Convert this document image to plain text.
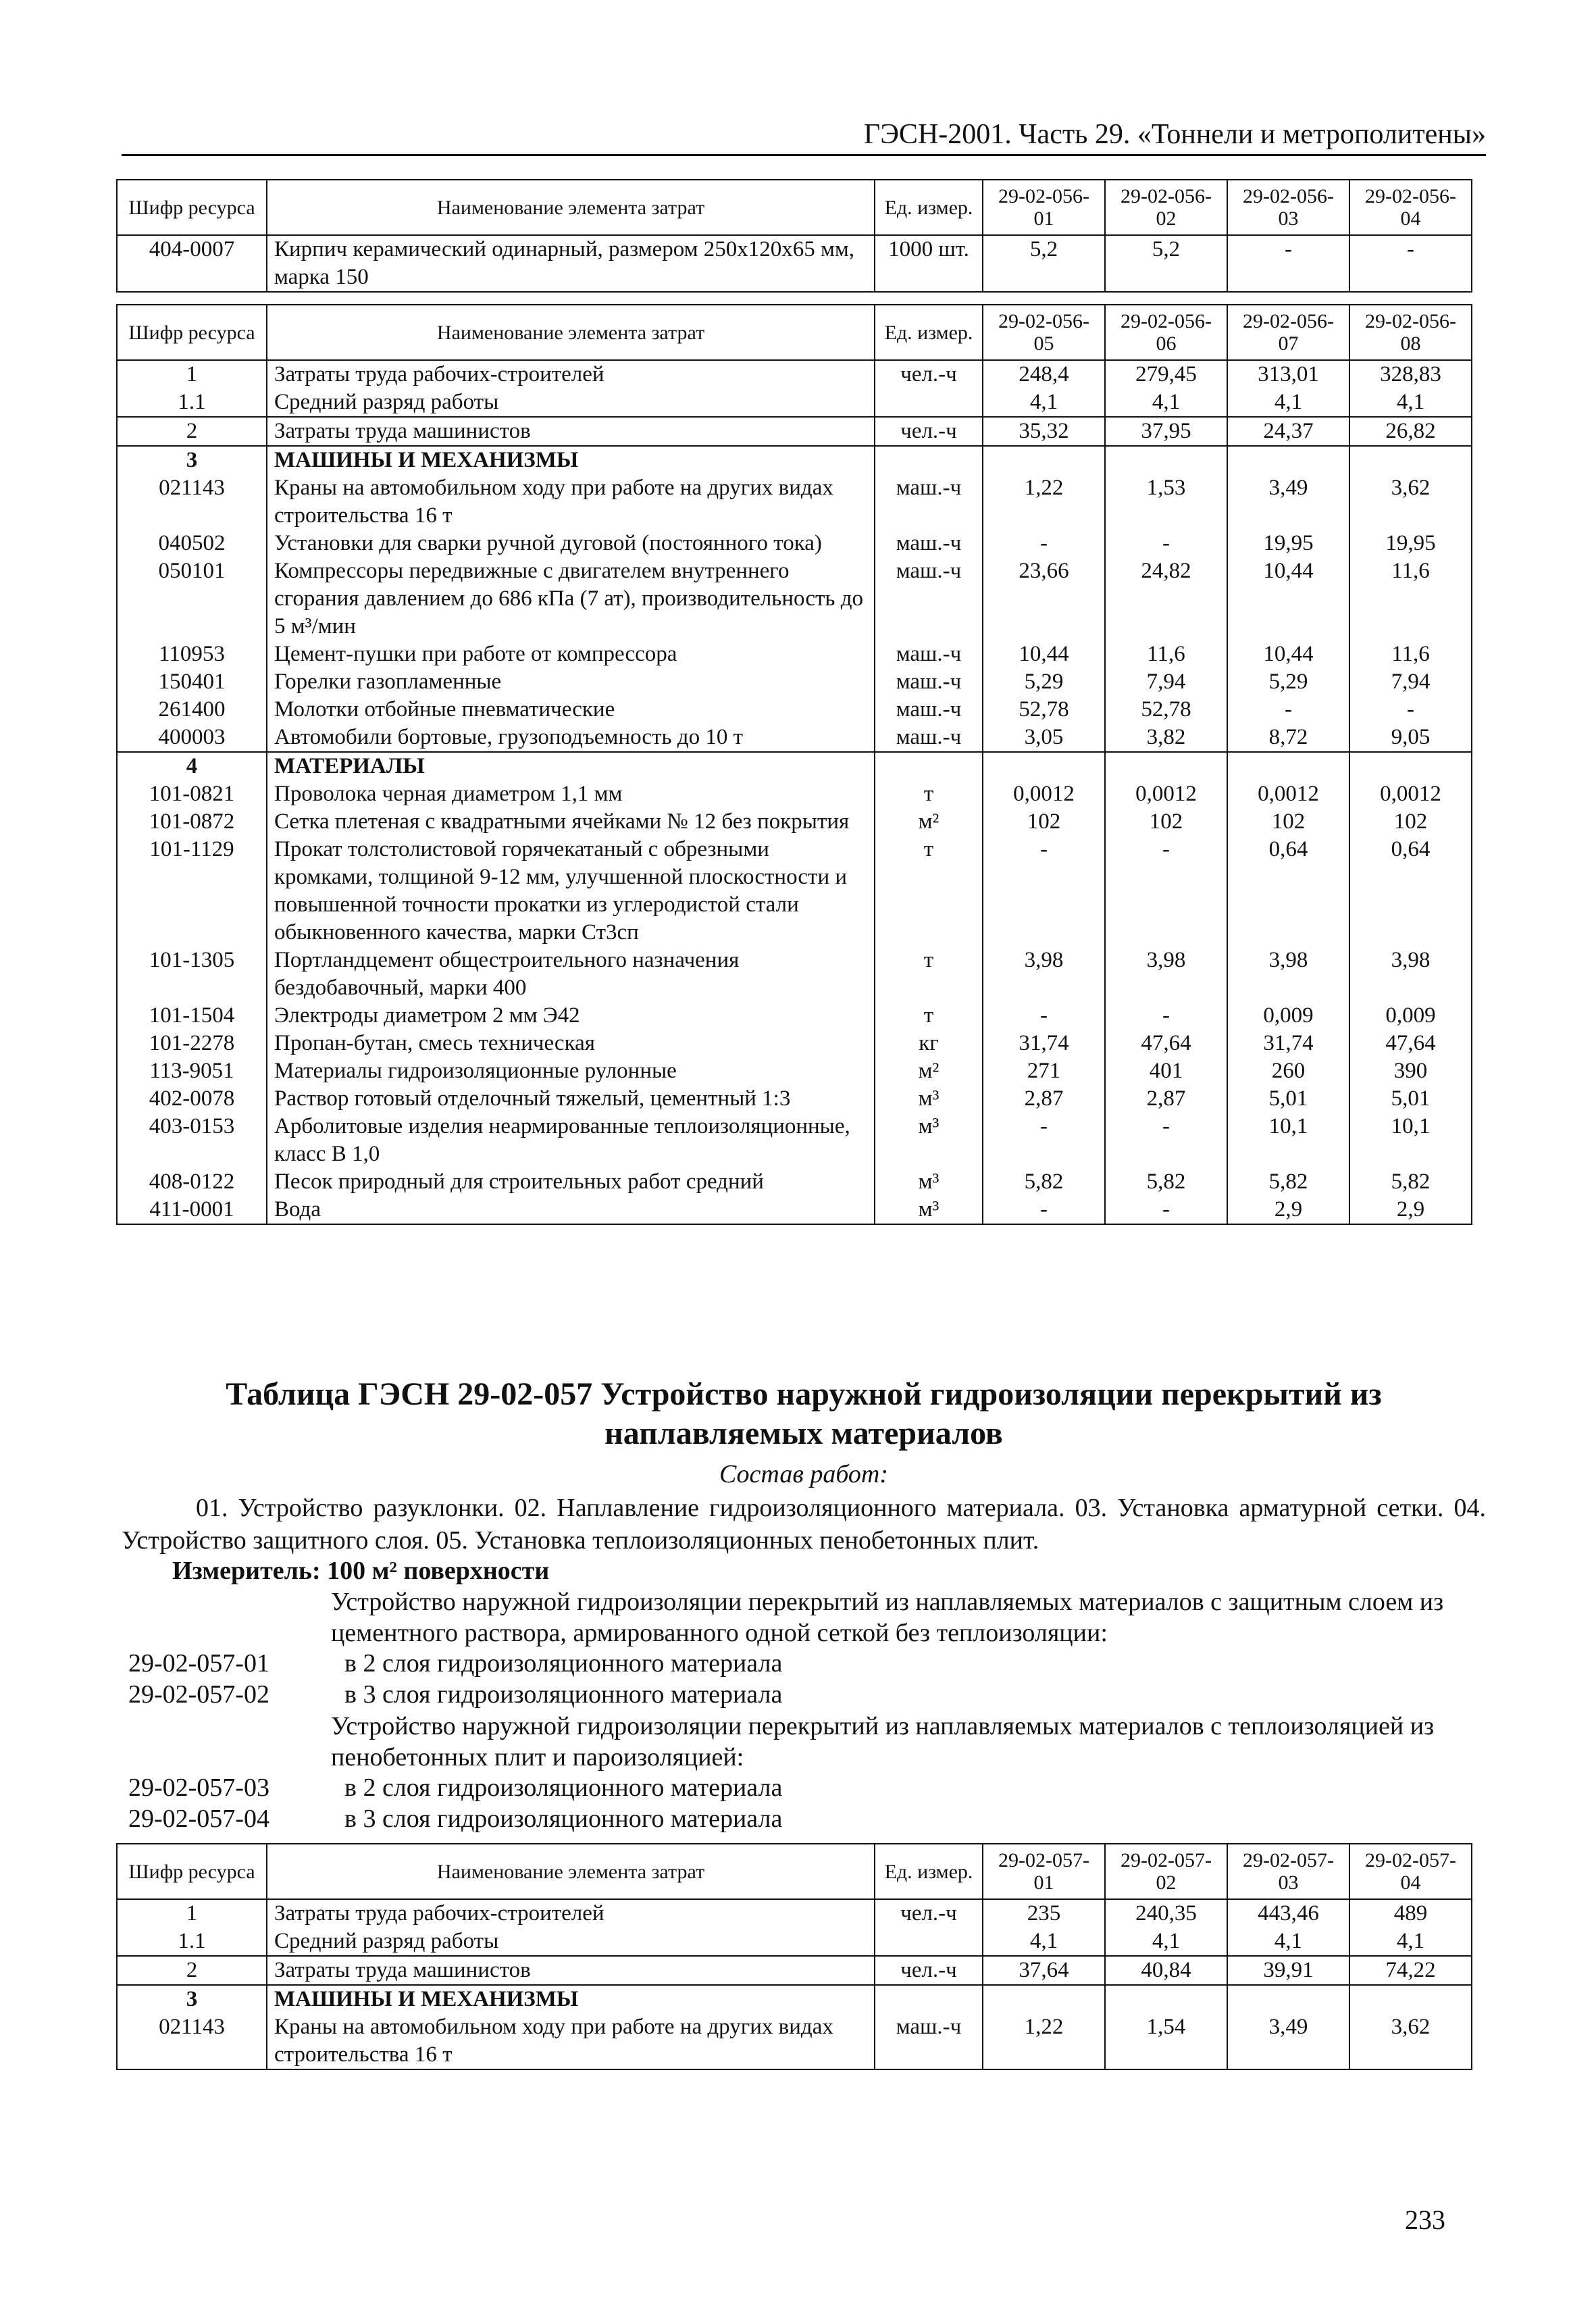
ГЭСН-2001. Часть 29. «Тоннели и метрополитены»
Шифр ресурса	Наименование элемента затрат	Ед. измер.	29-02-056-01	29-02-056-02	29-02-056-03	29-02-056-04
404-0007	Кирпич керамический одинарный, размером 250x120x65 мм, марка 150	1000 шт.	5,2	5,2	-	-
Шифр ресурса	Наименование элемента затрат	Ед. измер.	29-02-056-05	29-02-056-06	29-02-056-07	29-02-056-08
1	Затраты труда рабочих-строителей	чел.-ч	248,4	279,45	313,01	328,83
1.1	Средний разряд работы		4,1	4,1	4,1	4,1
2	Затраты труда машинистов	чел.-ч	35,32	37,95	24,37	26,82
3	МАШИНЫ И МЕХАНИЗМЫ					
021143	Краны на автомобильном ходу при работе на других видах строительства 16 т	маш.-ч	1,22	1,53	3,49	3,62
040502	Установки для сварки ручной дуговой (постоянного тока)	маш.-ч	-	-	19,95	19,95
050101	Компрессоры передвижные с двигателем внутреннего сгорания давлением до 686 кПа (7 ат), производительность до 5 м³/мин	маш.-ч	23,66	24,82	10,44	11,6
110953	Цемент-пушки при работе от компрессора	маш.-ч	10,44	11,6	10,44	11,6
150401	Горелки газопламенные	маш.-ч	5,29	7,94	5,29	7,94
261400	Молотки отбойные пневматические	маш.-ч	52,78	52,78	-	-
400003	Автомобили бортовые, грузоподъемность до 10 т	маш.-ч	3,05	3,82	8,72	9,05
4	МАТЕРИАЛЫ					
101-0821	Проволока черная диаметром 1,1 мм	т	0,0012	0,0012	0,0012	0,0012
101-0872	Сетка плетеная с квадратными ячейками № 12 без покрытия	м²	102	102	102	102
101-1129	Прокат толстолистовой горячекатаный с обрезными кромками, толщиной 9-12 мм, улучшенной плоскостности и повышенной точности прокатки из углеродистой стали обыкновенного качества, марки Ст3сп	т	-	-	0,64	0,64
101-1305	Портландцемент общестроительного назначения бездобавочный, марки 400	т	3,98	3,98	3,98	3,98
101-1504	Электроды диаметром 2 мм Э42	т	-	-	0,009	0,009
101-2278	Пропан-бутан, смесь техническая	кг	31,74	47,64	31,74	47,64
113-9051	Материалы гидроизоляционные рулонные	м²	271	401	260	390
402-0078	Раствор готовый отделочный тяжелый, цементный 1:3	м³	2,87	2,87	5,01	5,01
403-0153	Арболитовые изделия неармированные теплоизоляционные, класс В 1,0	м³	-	-	10,1	10,1
408-0122	Песок природный для строительных работ средний	м³	5,82	5,82	5,82	5,82
411-0001	Вода	м³	-	-	2,9	2,9
Таблица ГЭСН 29-02-057 Устройство наружной гидроизоляции перекрытий из наплавляемых материалов
Состав работ:
01. Устройство разуклонки. 02. Наплавление гидроизоляционного материала. 03. Установка арматурной сетки. 04. Устройство защитного слоя. 05. Установка теплоизоляционных пенобетонных плит.
Измеритель: 100 м² поверхности
Устройство наружной гидроизоляции перекрытий из наплавляемых материалов с защитным слоем из цементного раствора, армированного одной сеткой без теплоизоляции:
29-02-057-01	в 2 слоя гидроизоляционного материала
29-02-057-02	в 3 слоя гидроизоляционного материала
Устройство наружной гидроизоляции перекрытий из наплавляемых материалов с теплоизоляцией из пенобетонных плит и пароизоляцией:
29-02-057-03	в 2 слоя гидроизоляционного материала
29-02-057-04	в 3 слоя гидроизоляционного материала
Шифр ресурса	Наименование элемента затрат	Ед. измер.	29-02-057-01	29-02-057-02	29-02-057-03	29-02-057-04
1	Затраты труда рабочих-строителей	чел.-ч	235	240,35	443,46	489
1.1	Средний разряд работы		4,1	4,1	4,1	4,1
2	Затраты труда машинистов	чел.-ч	37,64	40,84	39,91	74,22
3	МАШИНЫ И МЕХАНИЗМЫ					
021143	Краны на автомобильном ходу при работе на других видах строительства 16 т	маш.-ч	1,22	1,54	3,49	3,62
233
